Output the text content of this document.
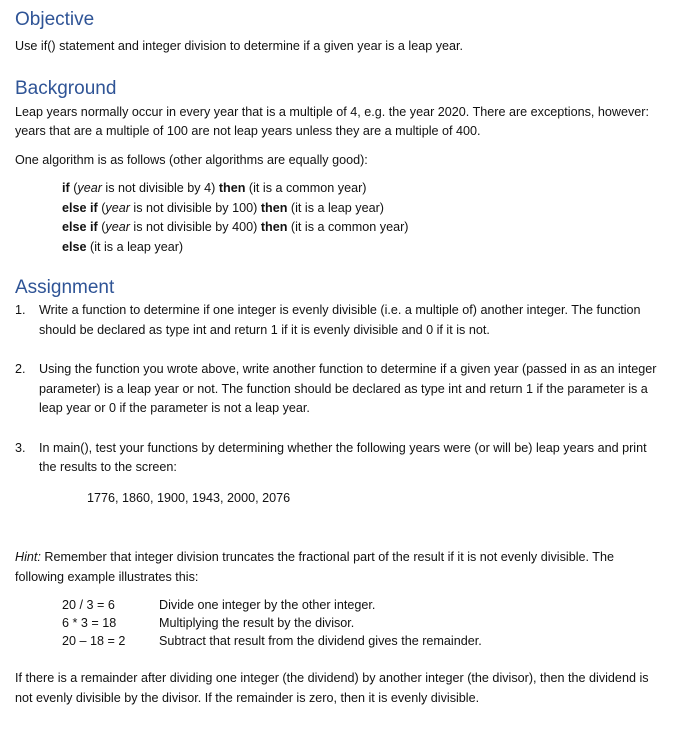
Objective

Use if() statement and integer division to determine if a given year is a leap year.

Background

Leap years normally occur in every year that is a multiple of 4, e.g. the year 2020. There are exceptions, however: years that are a multiple of 100 are not leap years unless they are a multiple of 400.

One algorithm is as follows (other algorithms are equally good):

if (year is not divisible by 4) then (it is a common year)
else if (year is not divisible by 100) then (it is a leap year)
else if (year is not divisible by 400) then (it is a common year)
else (it is a leap year)
Assignment
1. Write a function to determine if one integer is evenly divisible (i.e. a multiple of) another integer. The function should be declared as type int and return 1 if it is evenly divisible and 0 if it is not.
2. Using the function you wrote above, write another function to determine if a given year (passed in as an integer parameter) is a leap year or not. The function should be declared as type int and return 1 if the parameter is a leap year or 0 if the parameter is not a leap year.
3. In main(), test your functions by determining whether the following years were (or will be) leap years and print the results to the screen:
1776, 1860, 1900, 1943, 2000, 2076

Hint: Remember that integer division truncates the fractional part of the result if it is not evenly divisible. The following example illustrates this:

20 / 3 = 6	Divide one integer by the other integer.
6 * 3 = 18	Multiplying the result by the divisor.
20 – 18 = 2	Subtract that result from the dividend gives the remainder.

If there is a remainder after dividing one integer (the dividend) by another integer (the divisor), then the dividend is not evenly divisible by the divisor. If the remainder is zero, then it is evenly divisible.
